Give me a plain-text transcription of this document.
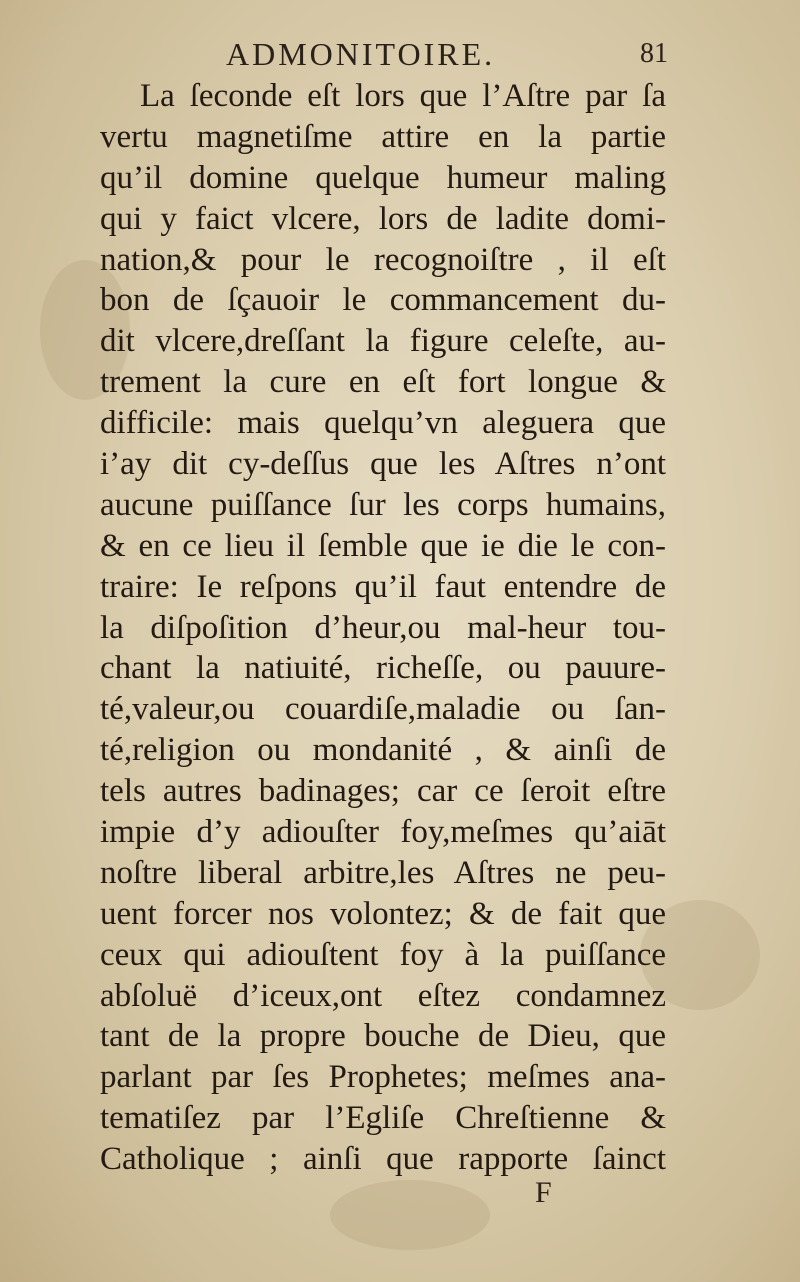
ADMONITOIRE.	81
La ſeconde eſt lors que l’Aſtre par ſa
vertu magnetiſme attire en la partie
qu’il domine quelque humeur maling
qui y faict vlcere, lors de ladite domi-
nation,& pour le recognoiſtre , il eſt
bon de ſçauoir le commancement du-
dit vlcere,dreſſant la figure celeſte, au-
trement la cure en eſt fort longue &
difficile: mais quelqu’vn aleguera que
i’ay dit cy-deſſus que les Aſtres n’ont
aucune puiſſance ſur les corps humains,
& en ce lieu il ſemble que ie die le con-
traire: Ie reſpons qu’il faut entendre de
la diſpoſition d’heur,ou mal-heur tou-
chant la natiuité, richeſſe, ou pauure-
té,valeur,ou couardiſe,maladie ou ſan-
té,religion ou mondanité , & ainſi de
tels autres badinages; car ce ſeroit eſtre
impie d’y adiouſter foy,meſmes qu’aiāt
noſtre liberal arbitre,les Aſtres ne peu-
uent forcer nos volontez; & de fait que
ceux qui adiouſtent foy à la puiſſance
abſoluë d’iceux,ont eſtez condamnez
tant de la propre bouche de Dieu, que
parlant par ſes Prophetes; meſmes ana-
tematiſez par l’Egliſe Chreſtienne &
Catholique ; ainſi que rapporte ſainct
F
